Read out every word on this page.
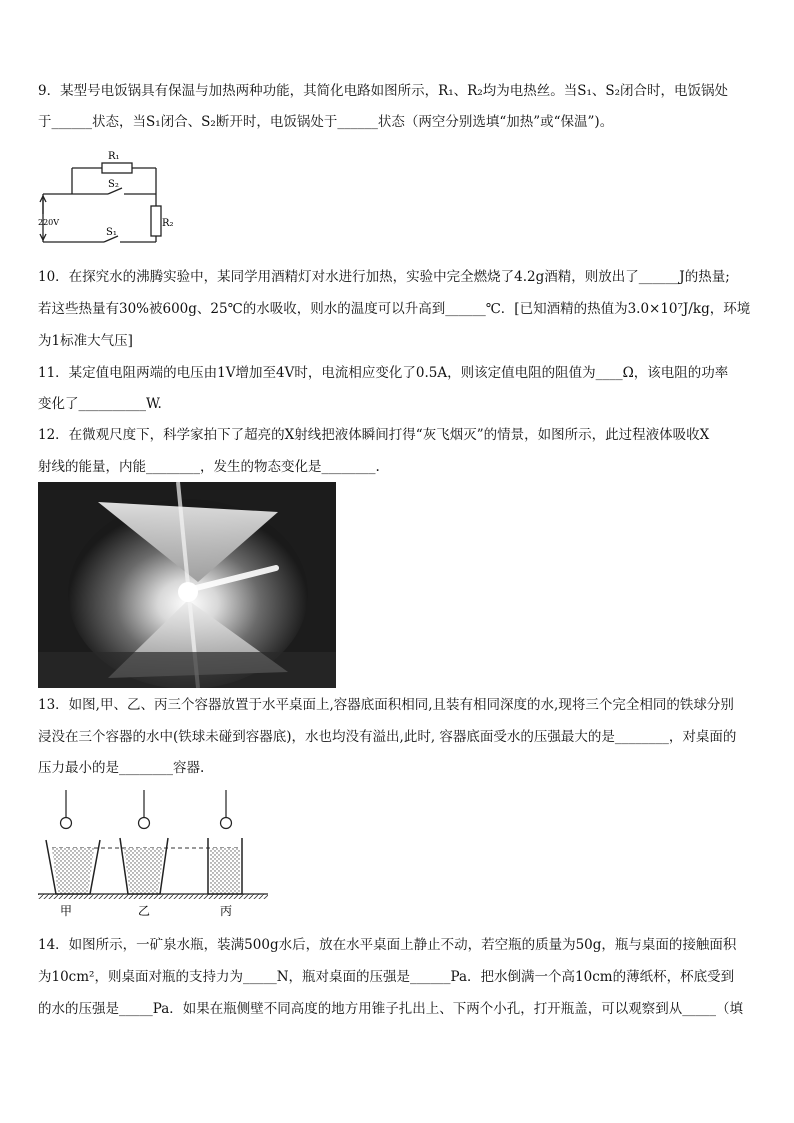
9．某型号电饭锅具有保温与加热两种功能，其简化电路如图所示，R₁、R₂均为电热丝。当S₁、S₂闭合时，电饭锅处

于______状态，当S₁闭合、S₂断开时，电饭锅处于______状态（两空分别选填“加热”或“保温”)。

R₁
S₂
R₂
S₁
220V

10．在探究水的沸腾实验中，某同学用酒精灯对水进行加热，实验中完全燃烧了4.2g酒精，则放出了______J的热量;

若这些热量有30%被600g、25℃的水吸收，则水的温度可以升高到______℃．[已知酒精的热值为3.0×10⁷J/kg，环境

为1标准大气压]

11．某定值电阻两端的电压由1V增加至4V时，电流相应变化了0.5A，则该定值电阻的阻值为____Ω，该电阻的功率

变化了__________W.

12．在微观尺度下，科学家拍下了超亮的X射线把液体瞬间打得“灰飞烟灭”的情景，如图所示，此过程液体吸收X

射线的能量，内能________，发生的物态变化是________.

13．如图,甲、乙、丙三个容器放置于水平桌面上,容器底面积相同,且装有相同深度的水,现将三个完全相同的铁球分别

浸没在三个容器的水中(铁球未碰到容器底)，水也均没有溢出,此时, 容器底面受水的压强最大的是________，对桌面的

压力最小的是________容器.

甲	乙	丙

14．如图所示，一矿泉水瓶，装满500g水后，放在水平桌面上静止不动，若空瓶的质量为50g，瓶与桌面的接触面积

为10cm²，则桌面对瓶的支持力为_____N，瓶对桌面的压强是______Pa．把水倒满一个高10cm的薄纸杯，杯底受到

的水的压强是_____Pa．如果在瓶侧壁不同高度的地方用锥子扎出上、下两个小孔，打开瓶盖，可以观察到从_____（填
